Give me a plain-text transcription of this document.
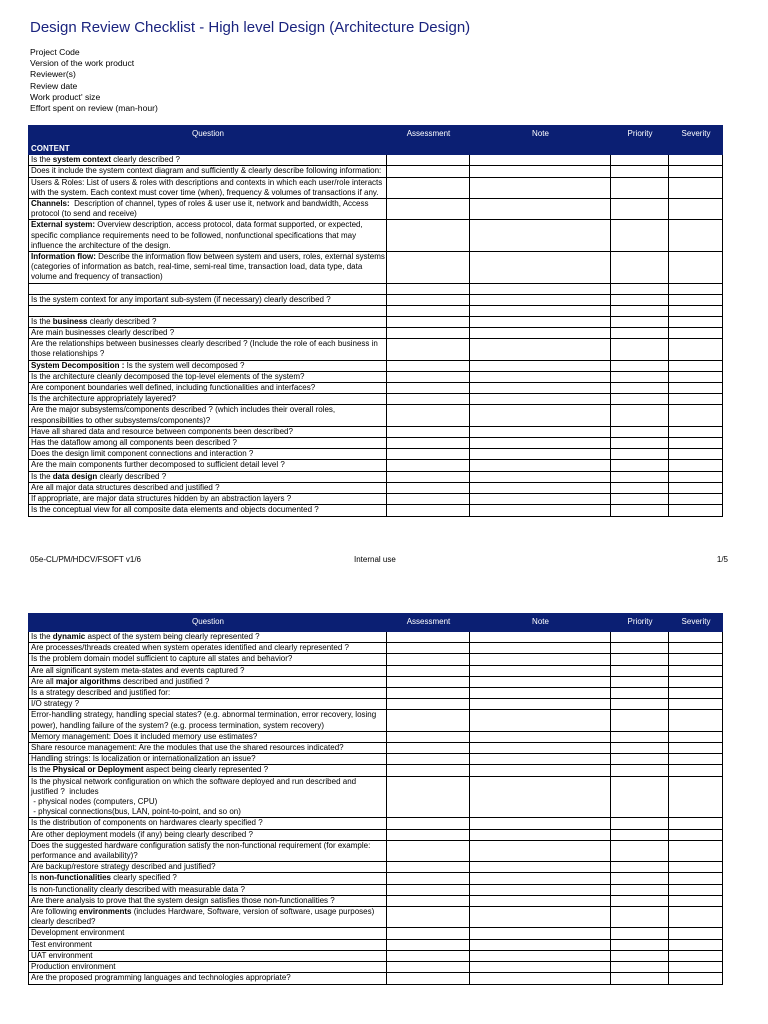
Design Review Checklist - High level Design (Architecture Design)
Project Code
Version of the work product
Reviewer(s)
Review date
Work product' size
Effort spent on review (man-hour)
Question	Assessment	Note	Priority	Severity
CONTENT				
Is the system context clearly described ?				
Does it include the system context diagram and sufficiently & clearly describe following information:				
Users & Roles: List of users & roles with descriptions and contexts in which each user/role interacts with the system. Each context must cover time (when), frequency & volumes of transactions if any.				
Channels:  Description of channel, types of roles & user use it, network and bandwidth, Access protocol (to send and receive)				
External system: Overview description, access protocol, data format supported, or expected, specific compliance requirements need to be followed, nonfunctional specifications that may influence the architecture of the design.				
Information flow: Describe the information flow between system and users, roles, external systems (categories of information as batch, real-time, semi-real time, transaction load, data type, data volume and frequency of transaction)				

Is the system context for any important sub-system (if necessary) clearly described ?				

Is the business clearly described ?				
Are main businesses clearly described ?				
Are the relationships between businesses clearly described ? (Include the role of each business in those relationships ?				
System Decomposition : Is the system well decomposed ?				
Is the architecture cleanly decomposed the top-level elements of the system?				
Are component boundaries well defined, including functionalities and interfaces?				
Is the architecture appropriately layered?				
Are the major subsystems/components described ? (which includes their overall roles, responsibilities to other subsystems/components)?				
Have all shared data and resource between components been described?				
Has the dataflow among all components been described ?				
Does the design limit component connections and interaction ?				
Are the main components further decomposed to sufficient detail level ?				
Is the data design clearly described ?				
Are all major data structures described and justified ?				
If appropriate, are major data structures hidden by an abstraction layers ?				
Is the conceptual view for all composite data elements and objects documented ?				
05e-CL/PM/HDCV/FSOFT v1/6	Internal use	1/5
Question	Assessment	Note	Priority	Severity
Is the dynamic aspect of the system being clearly represented ?				
Are processes/threads created when system operates identified and clearly represented ?				
Is the problem domain model sufficient to capture all states and behavior?				
Are all significant system meta-states and events captured ?				
Are all major algorithms described and justified ?				
Is a strategy described and justified for:				
I/O strategy ?				
Error-handling strategy, handling special states? (e.g. abnormal termination, error recovery, losing power), handling failure of the system? (e.g. process termination, system recovery)				
Memory management: Does it included memory use estimates?				
Share resource management: Are the modules that use the shared resources indicated?				
Handling strings: Is localization or internationalization an issue?				
Is the Physical or Deployment aspect being clearly represented ?				
Is the physical network configuration on which the software deployed and run described and justified ?  includes
- physical nodes (computers, CPU)
- physical connections(bus, LAN, point-to-point, and so on)				
Is the distribution of components on hardwares clearly specified ?				
Are other deployment models (if any) being clearly described ?				
Does the suggested hardware configuration satisfy the non-functional requirement (for example: performance and availability)?				
Are backup/restore strategy described and justified?				
Is non-functionalities clearly specified ?				
Is non-functionality clearly described with measurable data ?				
Are there analysis to prove that the system design satisfies those non-functionalities ?				
Are following environments (includes Hardware, Software, version of software, usage purposes) clearly described?				
Development environment				
Test environment				
UAT environment				
Production environment				
Are the proposed programming languages and technologies appropriate?				
